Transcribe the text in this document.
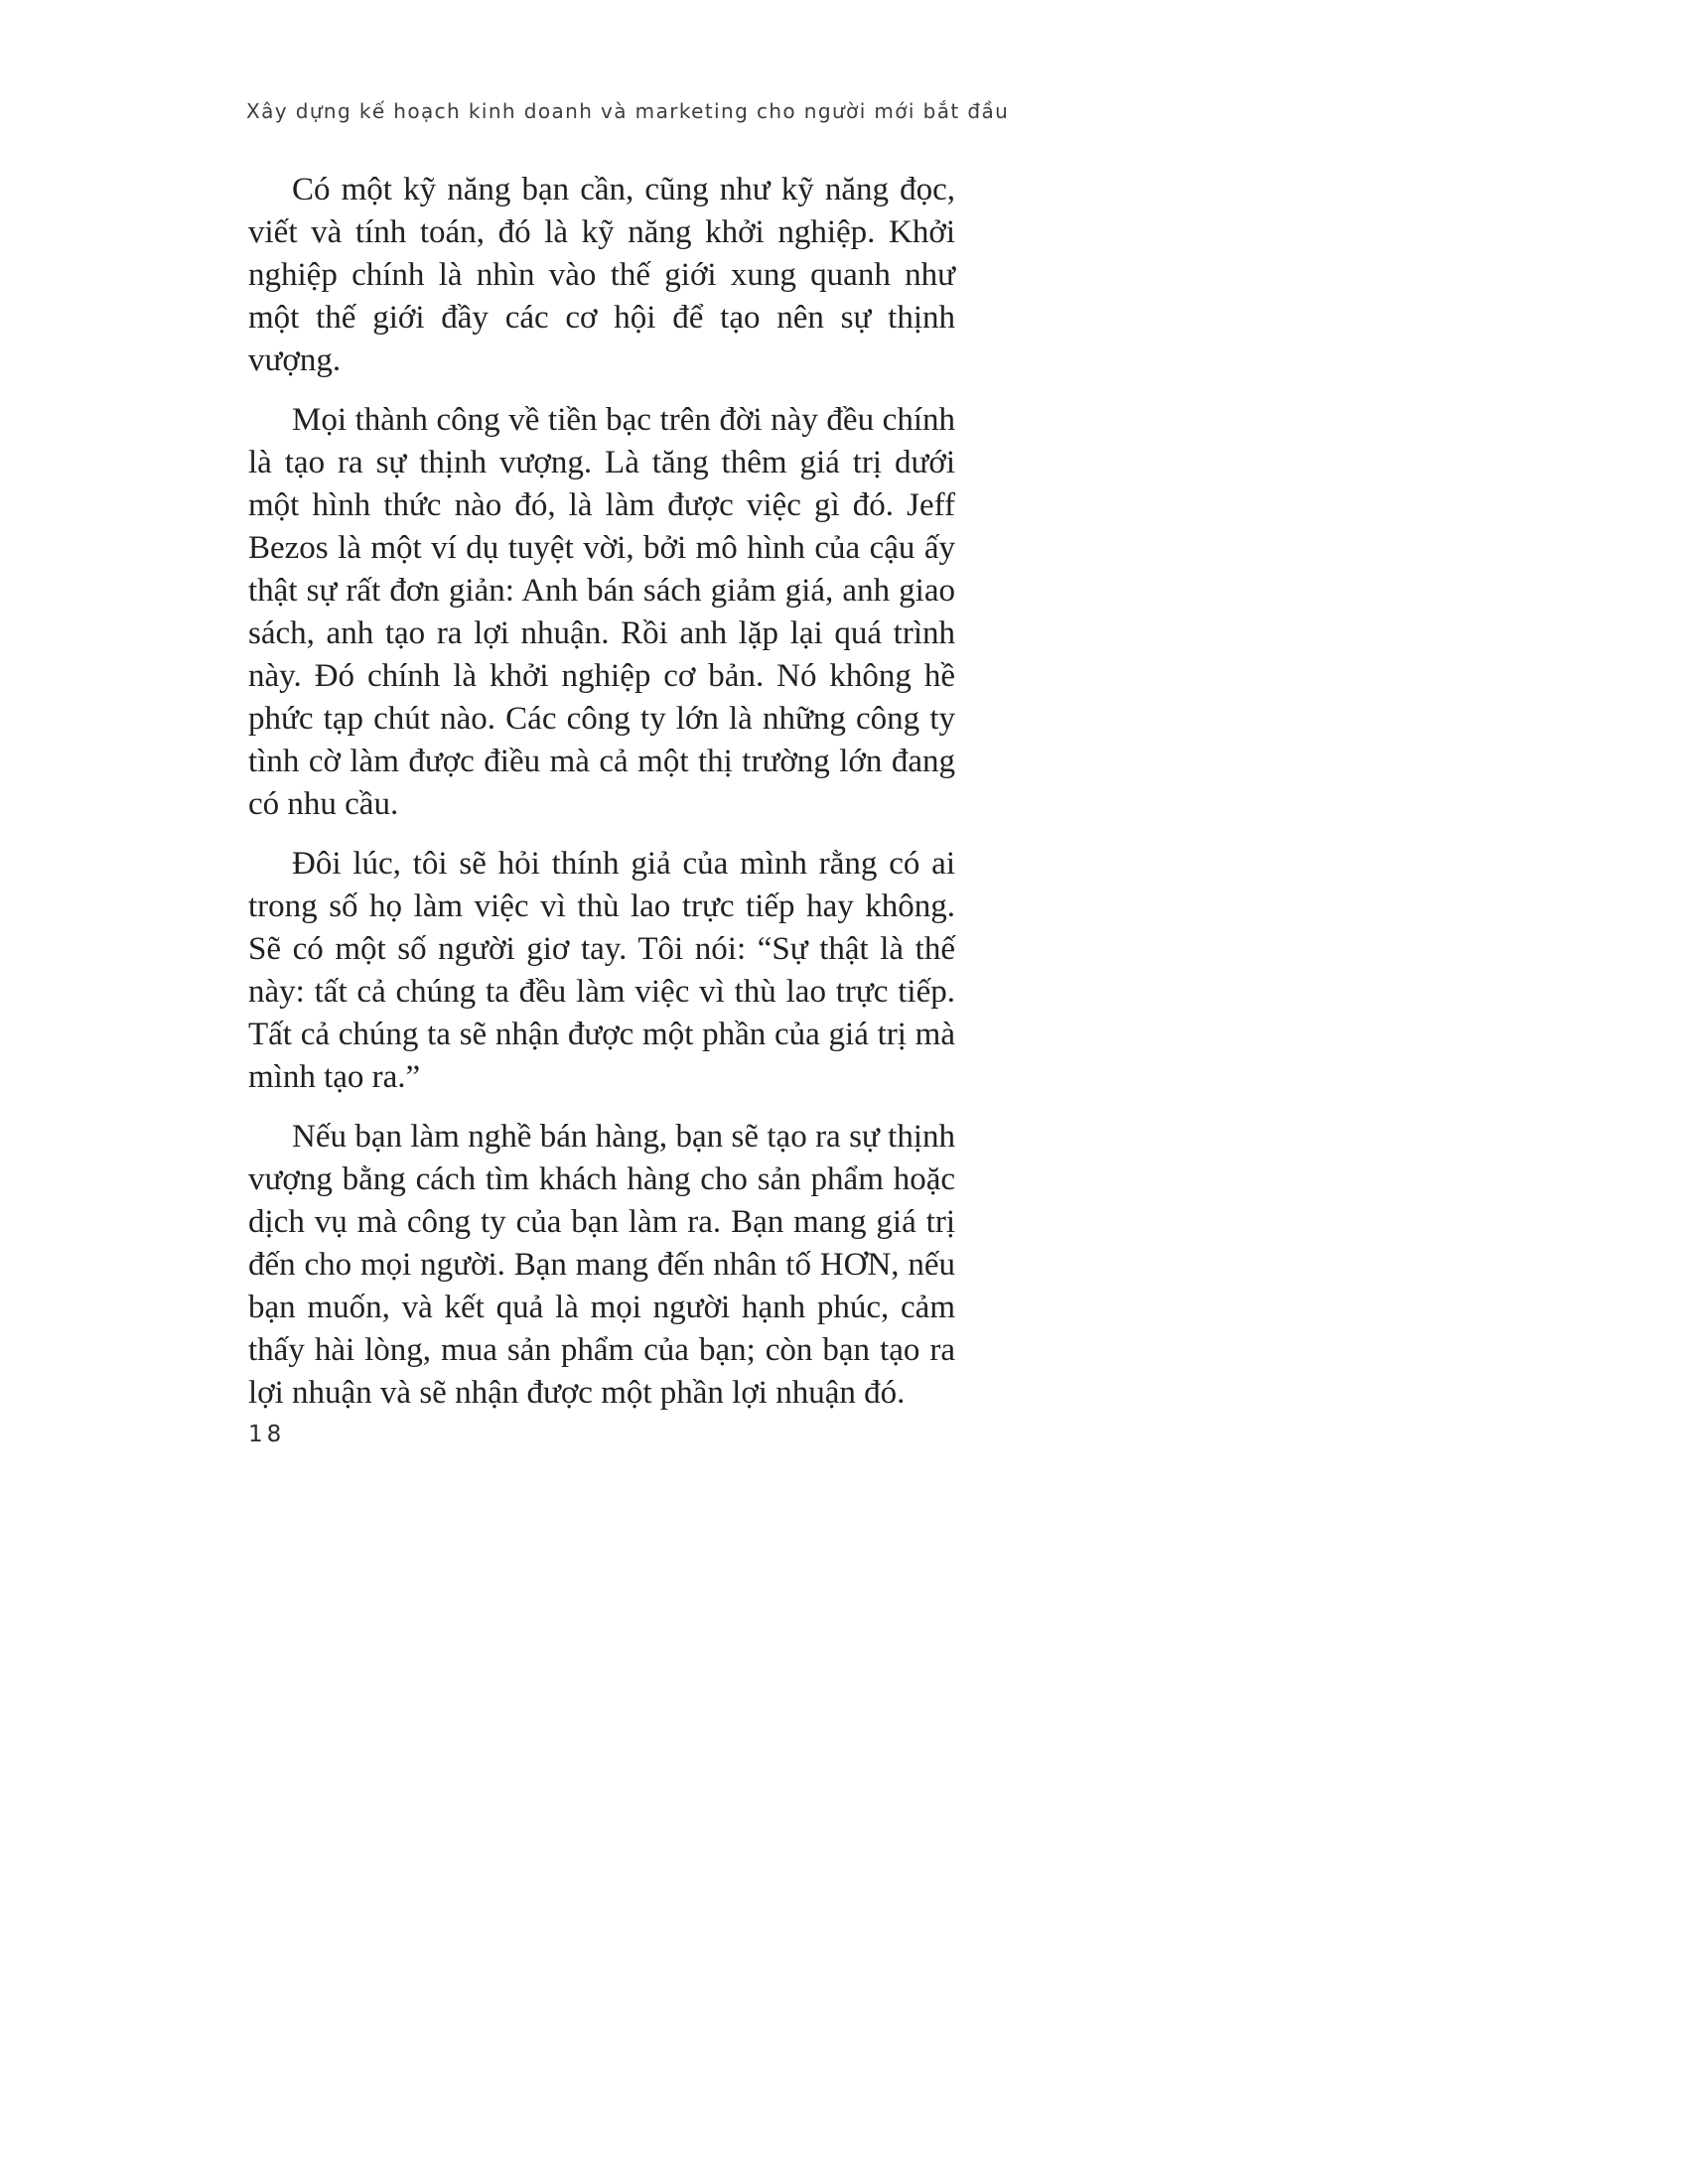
Xây dựng kế hoạch kinh doanh và marketing cho người mới bắt đầu

Có một kỹ năng bạn cần, cũng như kỹ năng đọc, viết và tính toán, đó là kỹ năng khởi nghiệp. Khởi nghiệp chính là nhìn vào thế giới xung quanh như một thế giới đầy các cơ hội để tạo nên sự thịnh vượng.

Mọi thành công về tiền bạc trên đời này đều chính là tạo ra sự thịnh vượng. Là tăng thêm giá trị dưới một hình thức nào đó, là làm được việc gì đó. Jeff Bezos là một ví dụ tuyệt vời, bởi mô hình của cậu ấy thật sự rất đơn giản: Anh bán sách giảm giá, anh giao sách, anh tạo ra lợi nhuận. Rồi anh lặp lại quá trình này. Đó chính là khởi nghiệp cơ bản. Nó không hề phức tạp chút nào. Các công ty lớn là những công ty tình cờ làm được điều mà cả một thị trường lớn đang có nhu cầu.

Đôi lúc, tôi sẽ hỏi thính giả của mình rằng có ai trong số họ làm việc vì thù lao trực tiếp hay không. Sẽ có một số người giơ tay. Tôi nói: “Sự thật là thế này: tất cả chúng ta đều làm việc vì thù lao trực tiếp. Tất cả chúng ta sẽ nhận được một phần của giá trị mà mình tạo ra.”

Nếu bạn làm nghề bán hàng, bạn sẽ tạo ra sự thịnh vượng bằng cách tìm khách hàng cho sản phẩm hoặc dịch vụ mà công ty của bạn làm ra. Bạn mang giá trị đến cho mọi người. Bạn mang đến nhân tố HƠN, nếu bạn muốn, và kết quả là mọi người hạnh phúc, cảm thấy hài lòng, mua sản phẩm của bạn; còn bạn tạo ra lợi nhuận và sẽ nhận được một phần lợi nhuận đó.

18
